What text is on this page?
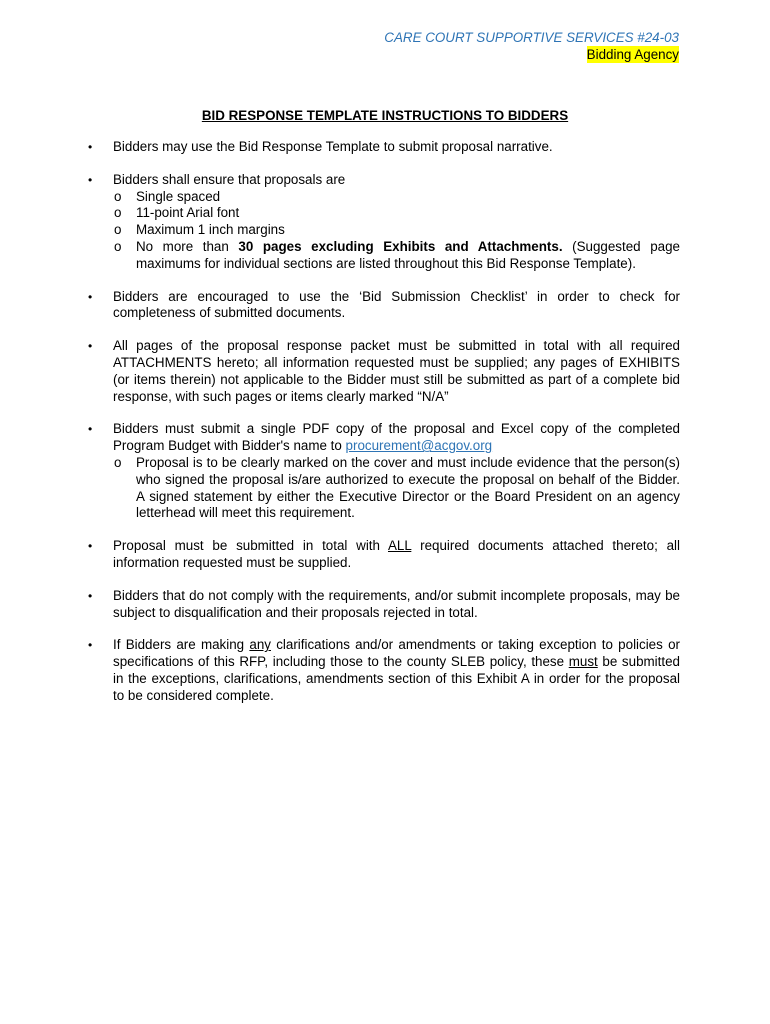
CARE COURT SUPPORTIVE SERVICES #24-03
Bidding Agency
BID RESPONSE TEMPLATE INSTRUCTIONS TO BIDDERS
• Bidders may use the Bid Response Template to submit proposal narrative.
• Bidders shall ensure that proposals are
o Single spaced
o 11-point Arial font
o Maximum 1 inch margins
o No more than 30 pages excluding Exhibits and Attachments. (Suggested page maximums for individual sections are listed throughout this Bid Response Template).
• Bidders are encouraged to use the ‘Bid Submission Checklist’ in order to check for completeness of submitted documents.
• All pages of the proposal response packet must be submitted in total with all required ATTACHMENTS hereto; all information requested must be supplied; any pages of EXHIBITS (or items therein) not applicable to the Bidder must still be submitted as part of a complete bid response, with such pages or items clearly marked “N/A”
• Bidders must submit a single PDF copy of the proposal and Excel copy of the completed Program Budget with Bidder's name to procurement@acgov.org
o Proposal is to be clearly marked on the cover and must include evidence that the person(s) who signed the proposal is/are authorized to execute the proposal on behalf of the Bidder. A signed statement by either the Executive Director or the Board President on an agency letterhead will meet this requirement.
• Proposal must be submitted in total with ALL required documents attached thereto; all information requested must be supplied.
• Bidders that do not comply with the requirements, and/or submit incomplete proposals, may be subject to disqualification and their proposals rejected in total.
• If Bidders are making any clarifications and/or amendments or taking exception to policies or specifications of this RFP, including those to the county SLEB policy, these must be submitted in the exceptions, clarifications, amendments section of this Exhibit A in order for the proposal to be considered complete.
